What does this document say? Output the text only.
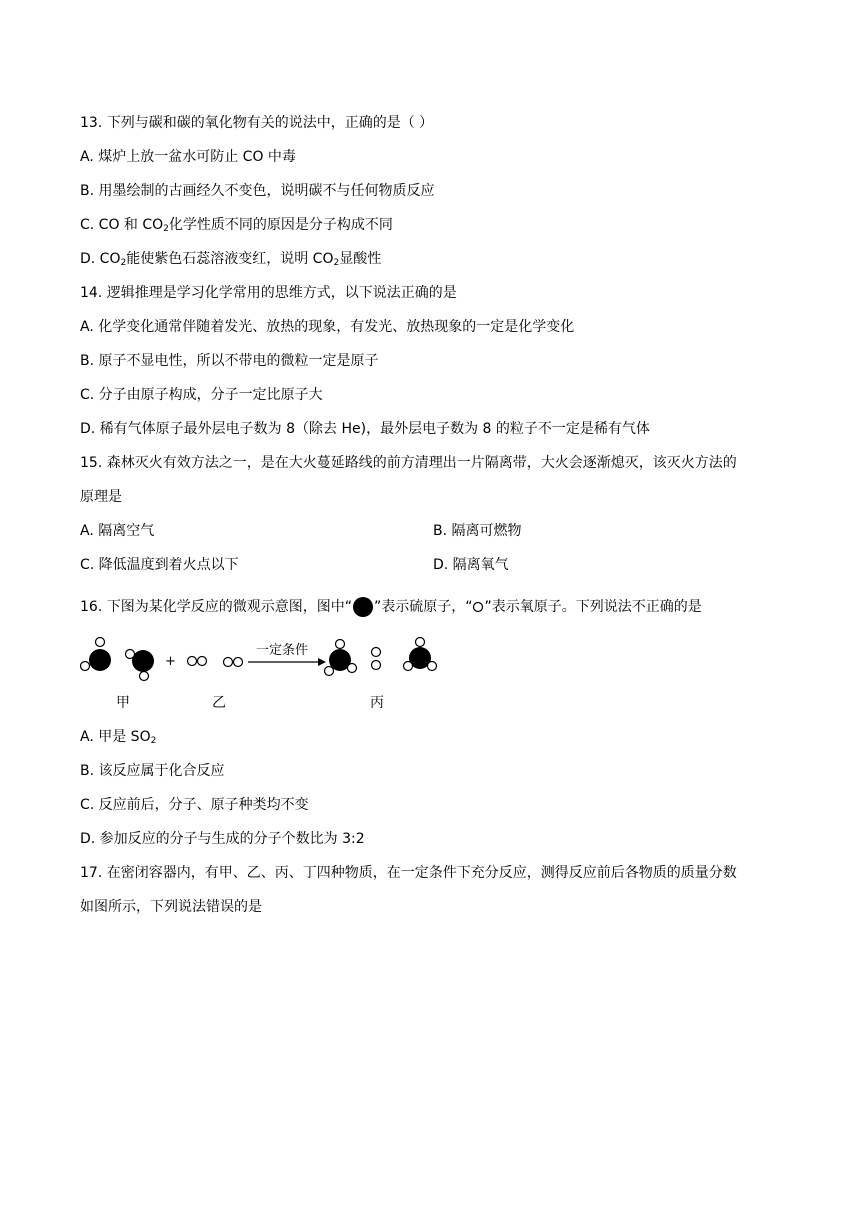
13. 下列与碳和碳的氧化物有关的说法中，正确的是（ ）
A. 煤炉上放一盆水可防止 CO 中毒
B. 用墨绘制的古画经久不变色，说明碳不与任何物质反应
C. CO 和 $CO_2$化学性质不同的原因是分子构成不同
D. $CO_2$能使紫色石蕊溶液变红，说明 $CO_2$显酸性
14. 逻辑推理是学习化学常用的思维方式，以下说法正确的是
A. 化学变化通常伴随着发光、放热的现象，有发光、放热现象的一定是化学变化
B. 原子不显电性，所以不带电的微粒一定是原子
C. 分子由原子构成，分子一定比原子大
D. 稀有气体原子最外层电子数为 8（除去 He)，最外层电子数为 8 的粒子不一定是稀有气体
15. 森林灭火有效方法之一，是在大火蔓延路线的前方清理出一片隔离带，大火会逐渐熄灭，该灭火方法的
原理是
A. 隔离空气	B. 隔离可燃物
C. 降低温度到着火点以下	D. 隔离氧气
16. 下图为某化学反应的微观示意图，图中“ ”表示硫原子，“ ”表示氧原子。下列说法不正确的是
+
一定条件
甲	乙	丙
A. 甲是 $SO_2$
B. 该反应属于化合反应
C. 反应前后，分子、原子种类均不变
D. 参加反应的分子与生成的分子个数比为 3:2
17. 在密闭容器内，有甲、乙、丙、丁四种物质，在一定条件下充分反应，测得反应前后各物质的质量分数
如图所示，下列说法错误的是
